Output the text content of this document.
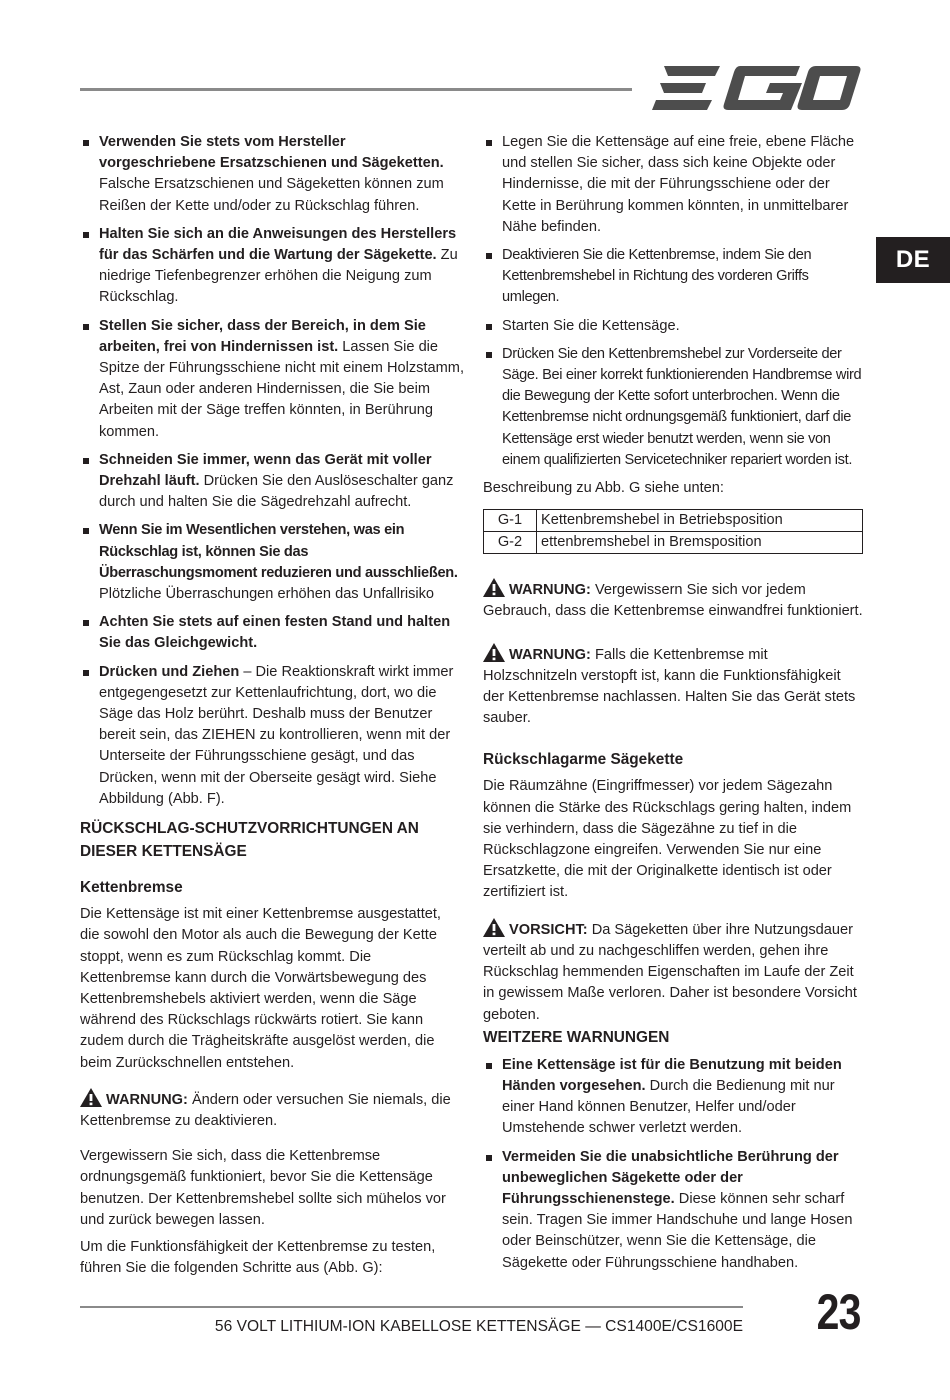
DE
Verwenden Sie stets vom Hersteller vorgeschriebene Ersatzschienen und Sägeketten. Falsche Ersatzschienen und Sägeketten können zum Reißen der Kette und/oder zu Rückschlag führen.
Halten Sie sich an die Anweisungen des Herstellers für das Schärfen und die Wartung der Sägekette. Zu niedrige Tiefenbegrenzer erhöhen die Neigung zum Rückschlag.
Stellen Sie sicher, dass der Bereich, in dem Sie arbeiten, frei von Hindernissen ist. Lassen Sie die Spitze der Führungsschiene nicht mit einem Holzstamm, Ast, Zaun oder anderen Hindernissen, die Sie beim Arbeiten mit der Säge treffen könnten, in Berührung kommen.
Schneiden Sie immer, wenn das Gerät mit voller Drehzahl läuft. Drücken Sie den Auslöseschalter ganz durch und halten Sie die Sägedrehzahl aufrecht.
Wenn Sie im Wesentlichen verstehen, was ein Rückschlag ist, können Sie das Überraschungsmoment reduzieren und ausschließen. Plötzliche Überraschungen erhöhen das Unfallrisiko
Achten Sie stets auf einen festen Stand und halten Sie das Gleichgewicht.
Drücken und Ziehen – Die Reaktionskraft wirkt immer entgegengesetzt zur Kettenlaufrichtung, dort, wo die Säge das Holz berührt. Deshalb muss der Benutzer bereit sein, das ZIEHEN zu kontrollieren, wenn mit der Unterseite der Führungsschiene gesägt, und das Drücken, wenn mit der Oberseite gesägt wird. Siehe Abbildung (Abb. F).

RÜCKSCHLAG-SCHUTZVORRICHTUNGEN AN DIESER KETTENSÄGE

Kettenbremse

Die Kettensäge ist mit einer Kettenbremse ausgestattet, die sowohl den Motor als auch die Bewegung der Kette stoppt, wenn es zum Rückschlag kommt. Die Kettenbremse kann durch die Vorwärtsbewegung des Kettenbremshebels aktiviert werden, wenn die Säge während des Rückschlags rückwärts rotiert. Sie kann zudem durch die Trägheitskräfte ausgelöst werden, die beim Zurückschnellen entstehen.

WARNUNG: Ändern oder versuchen Sie niemals, die Kettenbremse zu deaktivieren.

Vergewissern Sie sich, dass die Kettenbremse ordnungsgemäß funktioniert, bevor Sie die Kettensäge benutzen. Der Kettenbremshebel sollte sich mühelos vor und zurück bewegen lassen.

Um die Funktionsfähigkeit der Kettenbremse zu testen, führen Sie die folgenden Schritte aus (Abb. G):

Legen Sie die Kettensäge auf eine freie, ebene Fläche und stellen Sie sicher, dass sich keine Objekte oder Hindernisse, die mit der Führungsschiene oder der Kette in Berührung kommen könnten, in unmittelbarer Nähe befinden.
Deaktivieren Sie die Kettenbremse, indem Sie den Kettenbremshebel in Richtung des vorderen Griffs umlegen.
Starten Sie die Kettensäge.
Drücken Sie den Kettenbremshebel zur Vorderseite der Säge. Bei einer korrekt funktionierenden Handbremse wird die Bewegung der Kette sofort unterbrochen. Wenn die Kettenbremse nicht ordnungsgemäß funktioniert, darf die Kettensäge erst wieder benutzt werden, wenn sie von einem qualifizierten Servicetechniker repariert worden ist.

Beschreibung zu Abb. G siehe unten:

G-1	Kettenbremshebel in Betriebsposition
G-2	ettenbremshebel in Bremsposition

WARNUNG: Vergewissern Sie sich vor jedem Gebrauch, dass die Kettenbremse einwandfrei funktioniert.

WARNUNG: Falls die Kettenbremse mit Holzschnitzeln verstopft ist, kann die Funktionsfähigkeit der Kettenbremse nachlassen. Halten Sie das Gerät stets sauber.

Rückschlagarme Sägekette

Die Räumzähne (Eingriffmesser) vor jedem Sägezahn können die Stärke des Rückschlags gering halten, indem sie verhindern, dass die Sägezähne zu tief in die Rückschlagzone eingreifen. Verwenden Sie nur eine Ersatzkette, die mit der Originalkette identisch ist oder zertifiziert ist.

VORSICHT: Da Sägeketten über ihre Nutzungsdauer verteilt ab und zu nachgeschliffen werden, gehen ihre Rückschlag hemmenden Eigenschaften im Laufe der Zeit in gewissem Maße verloren. Daher ist besondere Vorsicht geboten.

WEITZERE WARNUNGEN

Eine Kettensäge ist für die Benutzung mit beiden Händen vorgesehen. Durch die Bedienung mit nur einer Hand können Benutzer, Helfer und/oder Umstehende schwer verletzt werden.
Vermeiden Sie die unabsichtliche Berührung der unbeweglichen Sägekette oder der Führungsschienenstege. Diese können sehr scharf sein. Tragen Sie immer Handschuhe und lange Hosen oder Beinschützer, wenn Sie die Kettensäge, die Sägekette oder Führungsschiene handhaben.
56 VOLT LITHIUM-ION KABELLOSE KETTENSÄGE — CS1400E/CS1600E 23
